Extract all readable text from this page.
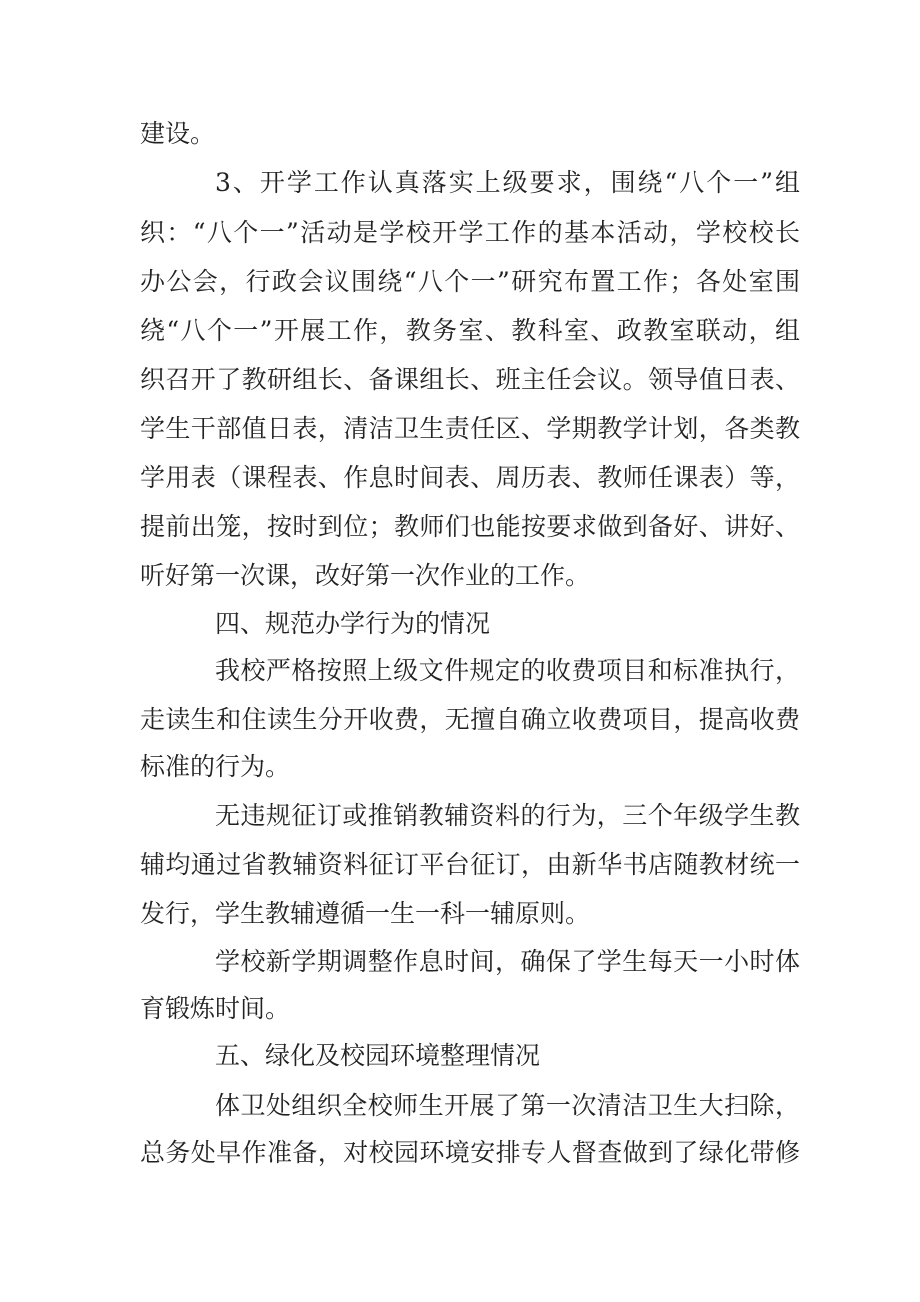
建设。
3、开学工作认真落实上级要求，围绕“八个一”组
织：“八个一”活动是学校开学工作的基本活动，学校校长
办公会，行政会议围绕“八个一”研究布置工作；各处室围
绕“八个一”开展工作，教务室、教科室、政教室联动，组
织召开了教研组长、备课组长、班主任会议。领导值日表、
学生干部值日表，清洁卫生责任区、学期教学计划，各类教
学用表（课程表、作息时间表、周历表、教师任课表）等，
提前出笼，按时到位；教师们也能按要求做到备好、讲好、
听好第一次课，改好第一次作业的工作。
四、规范办学行为的情况
我校严格按照上级文件规定的收费项目和标准执行，
走读生和住读生分开收费，无擅自确立收费项目，提高收费
标准的行为。
无违规征订或推销教辅资料的行为，三个年级学生教
辅均通过省教辅资料征订平台征订，由新华书店随教材统一
发行，学生教辅遵循一生一科一辅原则。
学校新学期调整作息时间，确保了学生每天一小时体
育锻炼时间。
五、绿化及校园环境整理情况
体卫处组织全校师生开展了第一次清洁卫生大扫除，
总务处早作准备，对校园环境安排专人督查做到了绿化带修
